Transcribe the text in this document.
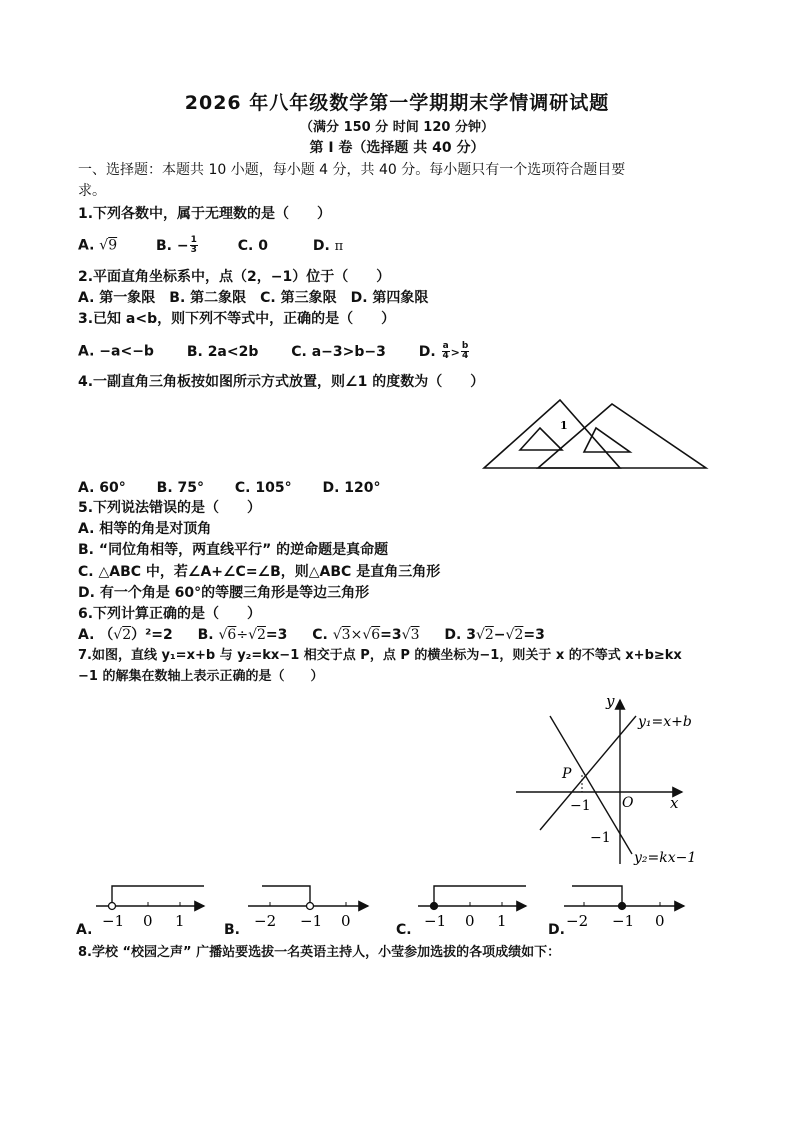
2026 年八年级数学第一学期期末学情调研试题
（满分 150 分 时间 120 分钟）
第 Ⅰ 卷（选择题 共 40 分）
一、选择题：本题共 10 小题，每小题 4 分，共 40 分。每小题只有一个选项符合题目要
求。
1.下列各数中，属于无理数的是（　　）
A. √9	B. − $\frac{1}{3}$	C. 0	D. π
2.平面直角坐标系中，点（2，−1）位于（　　）
A. 第一象限　B. 第二象限　C. 第三象限　D. 第四象限
3.已知 a<b，则下列不等式中，正确的是（　　）
A. −a<−b B. 2a<2b C. a−3>b−3 D. $\frac{a}{4} > \frac{b}{4}$
4.一副直角三角板按如图所示方式放置，则∠1 的度数为（　　）
1
A. 60° B. 75° C. 105° D. 120°
5.下列说法错误的是（　　）
A. 相等的角是对顶角
B. “同位角相等，两直线平行” 的逆命题是真命题
C. △ABC 中，若∠A+∠C=∠B，则△ABC 是直角三角形
D. 有一个角是 60°的等腰三角形是等边三角形
6.下列计算正确的是（　　）
A. （√2）²=2 B. √6÷√2=3 C. √3×√6=3√3 D. 3√2−√2=3
7.如图，直线 y₁=x+b 与 y₂=kx−1 相交于点 P，点 P 的横坐标为−1，则关于 x 的不等式 x+b≥kx
−1 的解集在数轴上表示正确的是（　　）
y
x
O
y₁=x+b
y₂=kx−1
P
−1
−1
A. −1 0 1	B. −2 −1 0	C. −1 0 1	D. −2 −1 0
8.学校 “校园之声” 广播站要选拔一名英语主持人，小莹参加选拔的各项成绩如下：
